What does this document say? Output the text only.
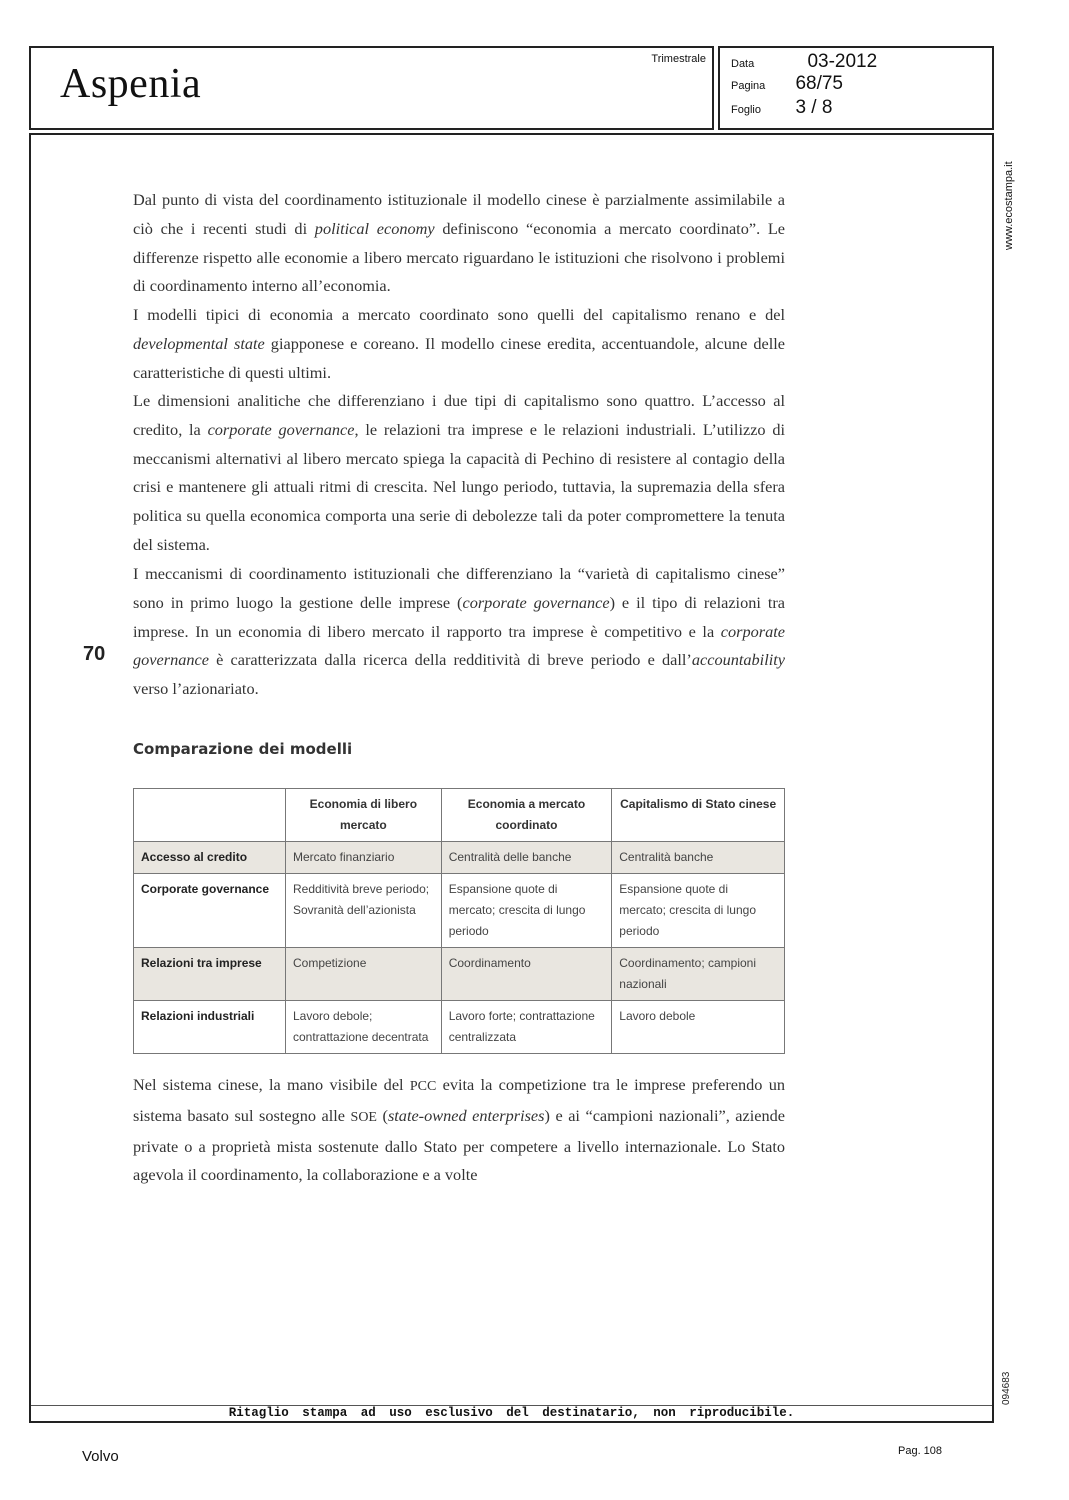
Aspenia
Trimestrale Data	03-2012
Pagina 68/75
Foglio 3 / 8
www.ecostampa.it
094683
Ritaglio stampa ad uso esclusivo del destinatario, non riproducibile.
Dal punto di vista del coordinamento istituzionale il modello cinese è parzialmente assimilabile a ciò che i recenti studi di political economy definiscono “economia a mercato coordinato”. Le differenze rispetto alle economie a libero mercato riguardano le istituzioni che risolvono i problemi di coordinamento interno all’economia.
I modelli tipici di economia a mercato coordinato sono quelli del capitalismo renano e del developmental state giapponese e coreano. Il modello cinese eredita, accentuandole, alcune delle caratteristiche di questi ultimi.
Le dimensioni analitiche che differenziano i due tipi di capitalismo sono quattro. L’accesso al credito, la corporate governance, le relazioni tra imprese e le relazioni industriali. L’utilizzo di meccanismi alternativi al libero mercato spiega la capacità di Pechino di resistere al contagio della crisi e mantenere gli attuali ritmi di crescita. Nel lungo periodo, tuttavia, la supremazia della sfera politica su quella economica comporta una serie di debolezze tali da poter compromettere la tenuta del sistema.
I meccanismi di coordinamento istituzionali che differenziano la “varietà di capitalismo cinese” sono in primo luogo la gestione delle imprese (corporate governance) e il tipo di relazioni tra imprese. In un economia di libero mercato il rapporto tra imprese è competitivo e la corporate governance è caratterizzata dalla ricerca della redditività di breve periodo e dall’accountability verso l’azionariato.
70
Comparazione dei modelli
	Economia di libero mercato	Economia a mercato coordinato	Capitalismo di Stato cinese
Accesso al credito	Mercato finanziario	Centralità delle banche	Centralità banche
Corporate governance	Redditività breve periodo; Sovranità dell’azionista	Espansione quote di mercato; crescita di lungo periodo	Espansione quote di mercato; crescita di lungo periodo
Relazioni tra imprese	Competizione	Coordinamento	Coordinamento; campioni nazionali
Relazioni industriali	Lavoro debole; contrattazione decentrata	Lavoro forte; contrattazione centralizzata	Lavoro debole
Nel sistema cinese, la mano visibile del PCC evita la competizione tra le imprese preferendo un sistema basato sul sostegno alle SOE (state-owned enterprises) e ai “campioni nazionali”, aziende private o a proprietà mista sostenute dallo Stato per competere a livello internazionale. Lo Stato agevola il coordinamento, la collaborazione e a volte
Volvo	Pag. 108
